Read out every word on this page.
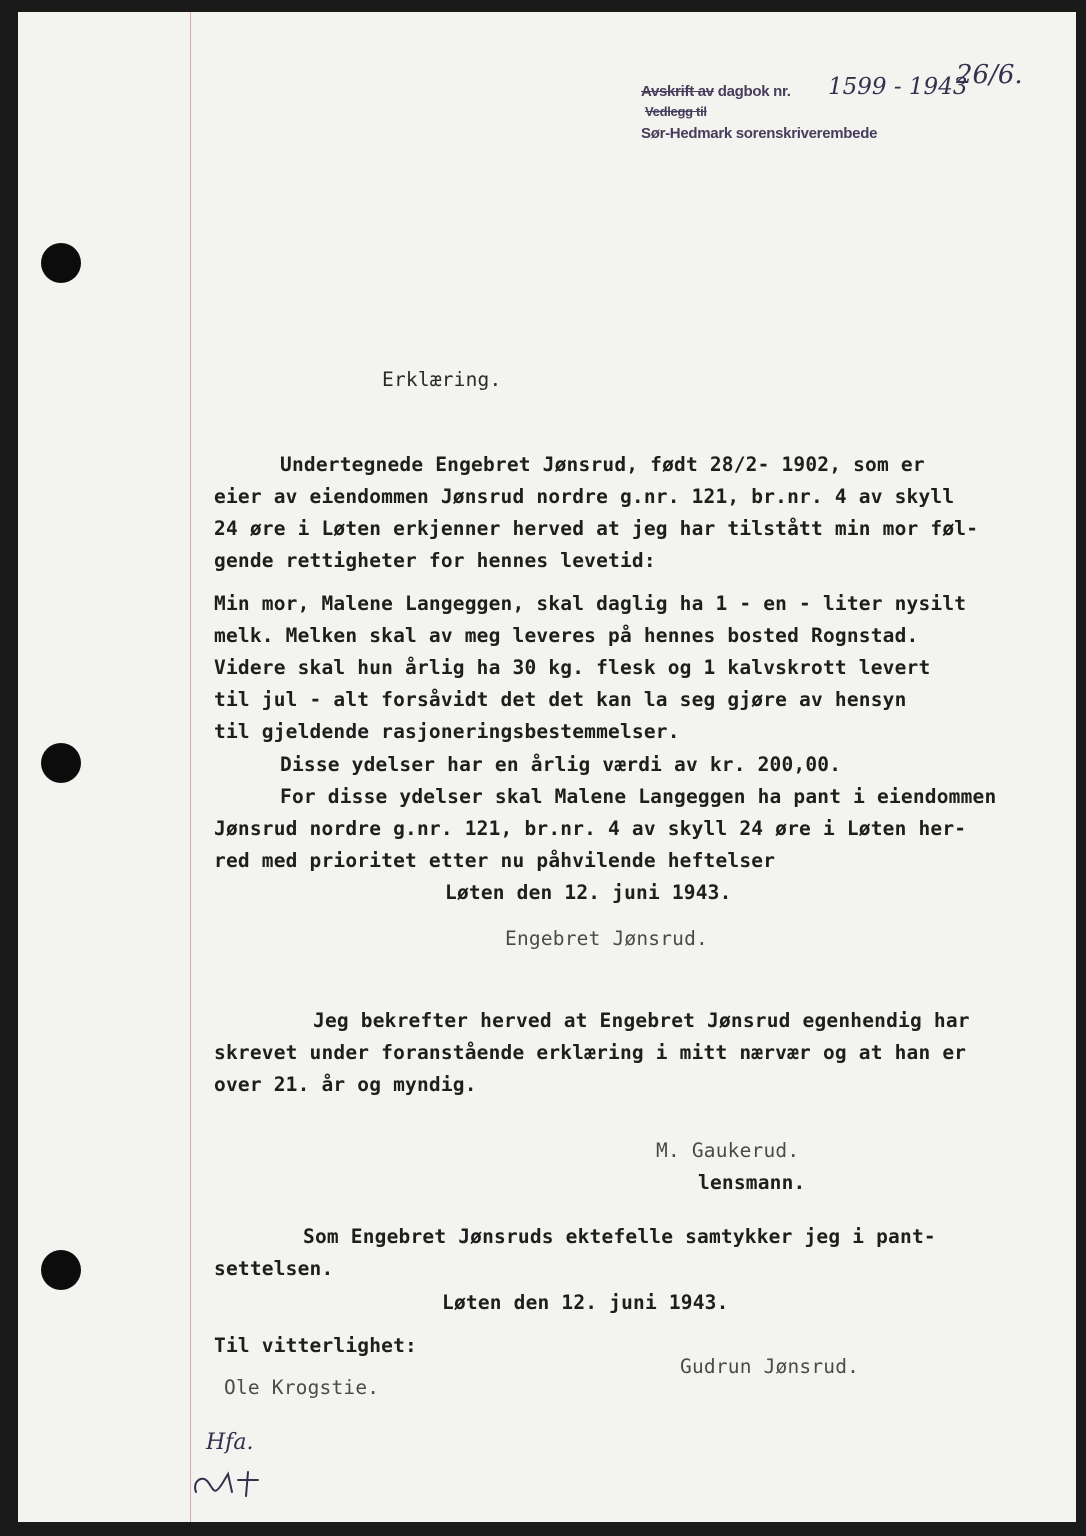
Avskrift av dagbok nr.
Vedlegg til
Sør-Hedmark sorenskriverembede
1599 - 1943
26/6.
Erklæring.
Undertegnede Engebret Jønsrud, født 28/2- 1902, som er
eier av eiendommen Jønsrud nordre g.nr. 121, br.nr. 4 av skyll
24 øre i Løten erkjenner herved at jeg har tilstått min mor føl-
gende rettigheter for hennes levetid:
Min mor, Malene Langeggen, skal daglig ha 1 - en - liter nysilt
melk. Melken skal av meg leveres på hennes bosted Rognstad.
Videre skal hun årlig ha 30 kg. flesk og 1 kalvskrott levert
til jul - alt forsåvidt det det kan la seg gjøre av hensyn
til gjeldende rasjoneringsbestemmelser.
Disse ydelser har en årlig værdi av kr. 200,00.
For disse ydelser skal Malene Langeggen ha pant i eiendommen
Jønsrud nordre g.nr. 121, br.nr. 4 av skyll 24 øre i Løten her-
red med prioritet etter nu påhvilende heftelser
Løten den 12. juni 1943.
Engebret Jønsrud.
Jeg bekrefter herved at Engebret Jønsrud egenhendig har
skrevet under foranstående erklæring i mitt nærvær og at han er
over 21. år og myndig.
M. Gaukerud.
lensmann.
Som Engebret Jønsruds ektefelle samtykker jeg i pant-
settelsen.
Løten den 12. juni 1943.
Til vitterlighet:
Gudrun Jønsrud.
Ole Krogstie.
Hfa.
